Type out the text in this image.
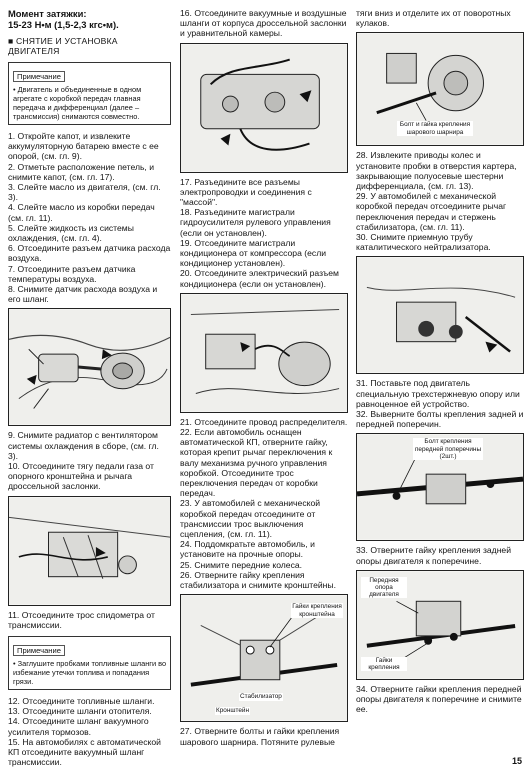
Момент затяжки:
15-23 Н•м (1,5-2,3 кгс•м).
■ СНЯТИЕ И УСТАНОВКА ДВИГАТЕЛЯ
Примечание

• Двигатель и объединенные в одном агрегате с коробкой передач главная передача и дифференциал (далее – трансмиссия) снимаются совместно.

1. Откройте капот, и извлеките аккумуляторную батарею вместе с ее опорой, (см. гл. 9).
2. Отметьте расположение петель, и снимите капот, (см. гл. 17).
3. Слейте масло из двигателя, (см. гл. 3).
4. Слейте масло из коробки передач (см. гл. 11).
5. Слейте жидкость из системы охлаждения, (см. гл. 4).
6. Отсоедините разъем датчика расхода воздуха.
7. Отсоедините разъем датчика температуры воздуха.
8. Снимите датчик расхода воздуха и его шланг.

9. Снимите радиатор с вентилятором системы охлаждения в сборе, (см. гл. 3).
10. Отсоедините тягу педали газа от опорного кронштейна и рычага дроссельной заслонки.

11. Отсоедините трос спидометра от трансмиссии.

Примечание

• Заглушите пробками топливные шланги во избежание утечки топлива и попадания грязи.

12. Отсоедините топливные шланги.
13. Отсоедините шланги отопителя.
14. Отсоедините шланг вакуумного усилителя тормозов.
15. На автомобилях с автоматической КП отсоедините вакуумный шланг трансмиссии.

16. Отсоедините вакуумные и воздушные шланги от корпуса дроссельной заслонки и уравнительной камеры.

17. Разъедините все разъемы электропроводки и соединения с "массой".
18. Разъедините магистрали гидроусилителя рулевого управления (если он установлен).
19. Отсоедините магистрали кондиционера от компрессора (если кондиционер установлен).
20. Отсоедините электрический разъем кондиционера (если он установлен).

21. Отсоедините провод распределителя.
22. Если автомобиль оснащен автоматической КП, отверните гайку, которая крепит рычаг переключения к валу механизма ручного управления коробкой. Отсоедините трос переключения передач от коробки передач.
23. У автомобилей с механической коробкой передач отсоедините от трансмиссии трос выключения сцепления, (см. гл. 11).
24. Поддомкратьте автомобиль, и установите на прочные опоры.
25. Снимите передние колеса.
26. Отверните гайку крепления стабилизатора и снимите кронштейны.

Гайки крепления кронштейна
Стабилизатор
Кронштейн

27. Отверните болты и гайки крепления шарового шарнира. Потяните рулевые

тяги вниз и отделите их от поворотных кулаков.

Болт и гайка крепления шарового шарнира

28. Извлеките приводы колес и установите пробки в отверстия картера, закрывающие полуосевые шестерни дифференциала, (см. гл. 13).
29. У автомобилей с механической коробкой передач отсоедините рычаг переключения передач и стержень стабилизатора, (см. гл. 11).
30. Снимите приемную трубу каталитического нейтрализатора.

31. Поставьте под двигатель специальную трехстержневую опору или равноценное ей устройство.
32. Выверните болты крепления задней и передней поперечин.

Болт крепления передней поперечины (2шт.)

33. Отверните гайку крепления задней опоры двигателя к поперечине.

Передняя опора двигателя
Гайки крепления

34. Отверните гайки крепления передней опоры двигателя к поперечине и снимите ее.

15
